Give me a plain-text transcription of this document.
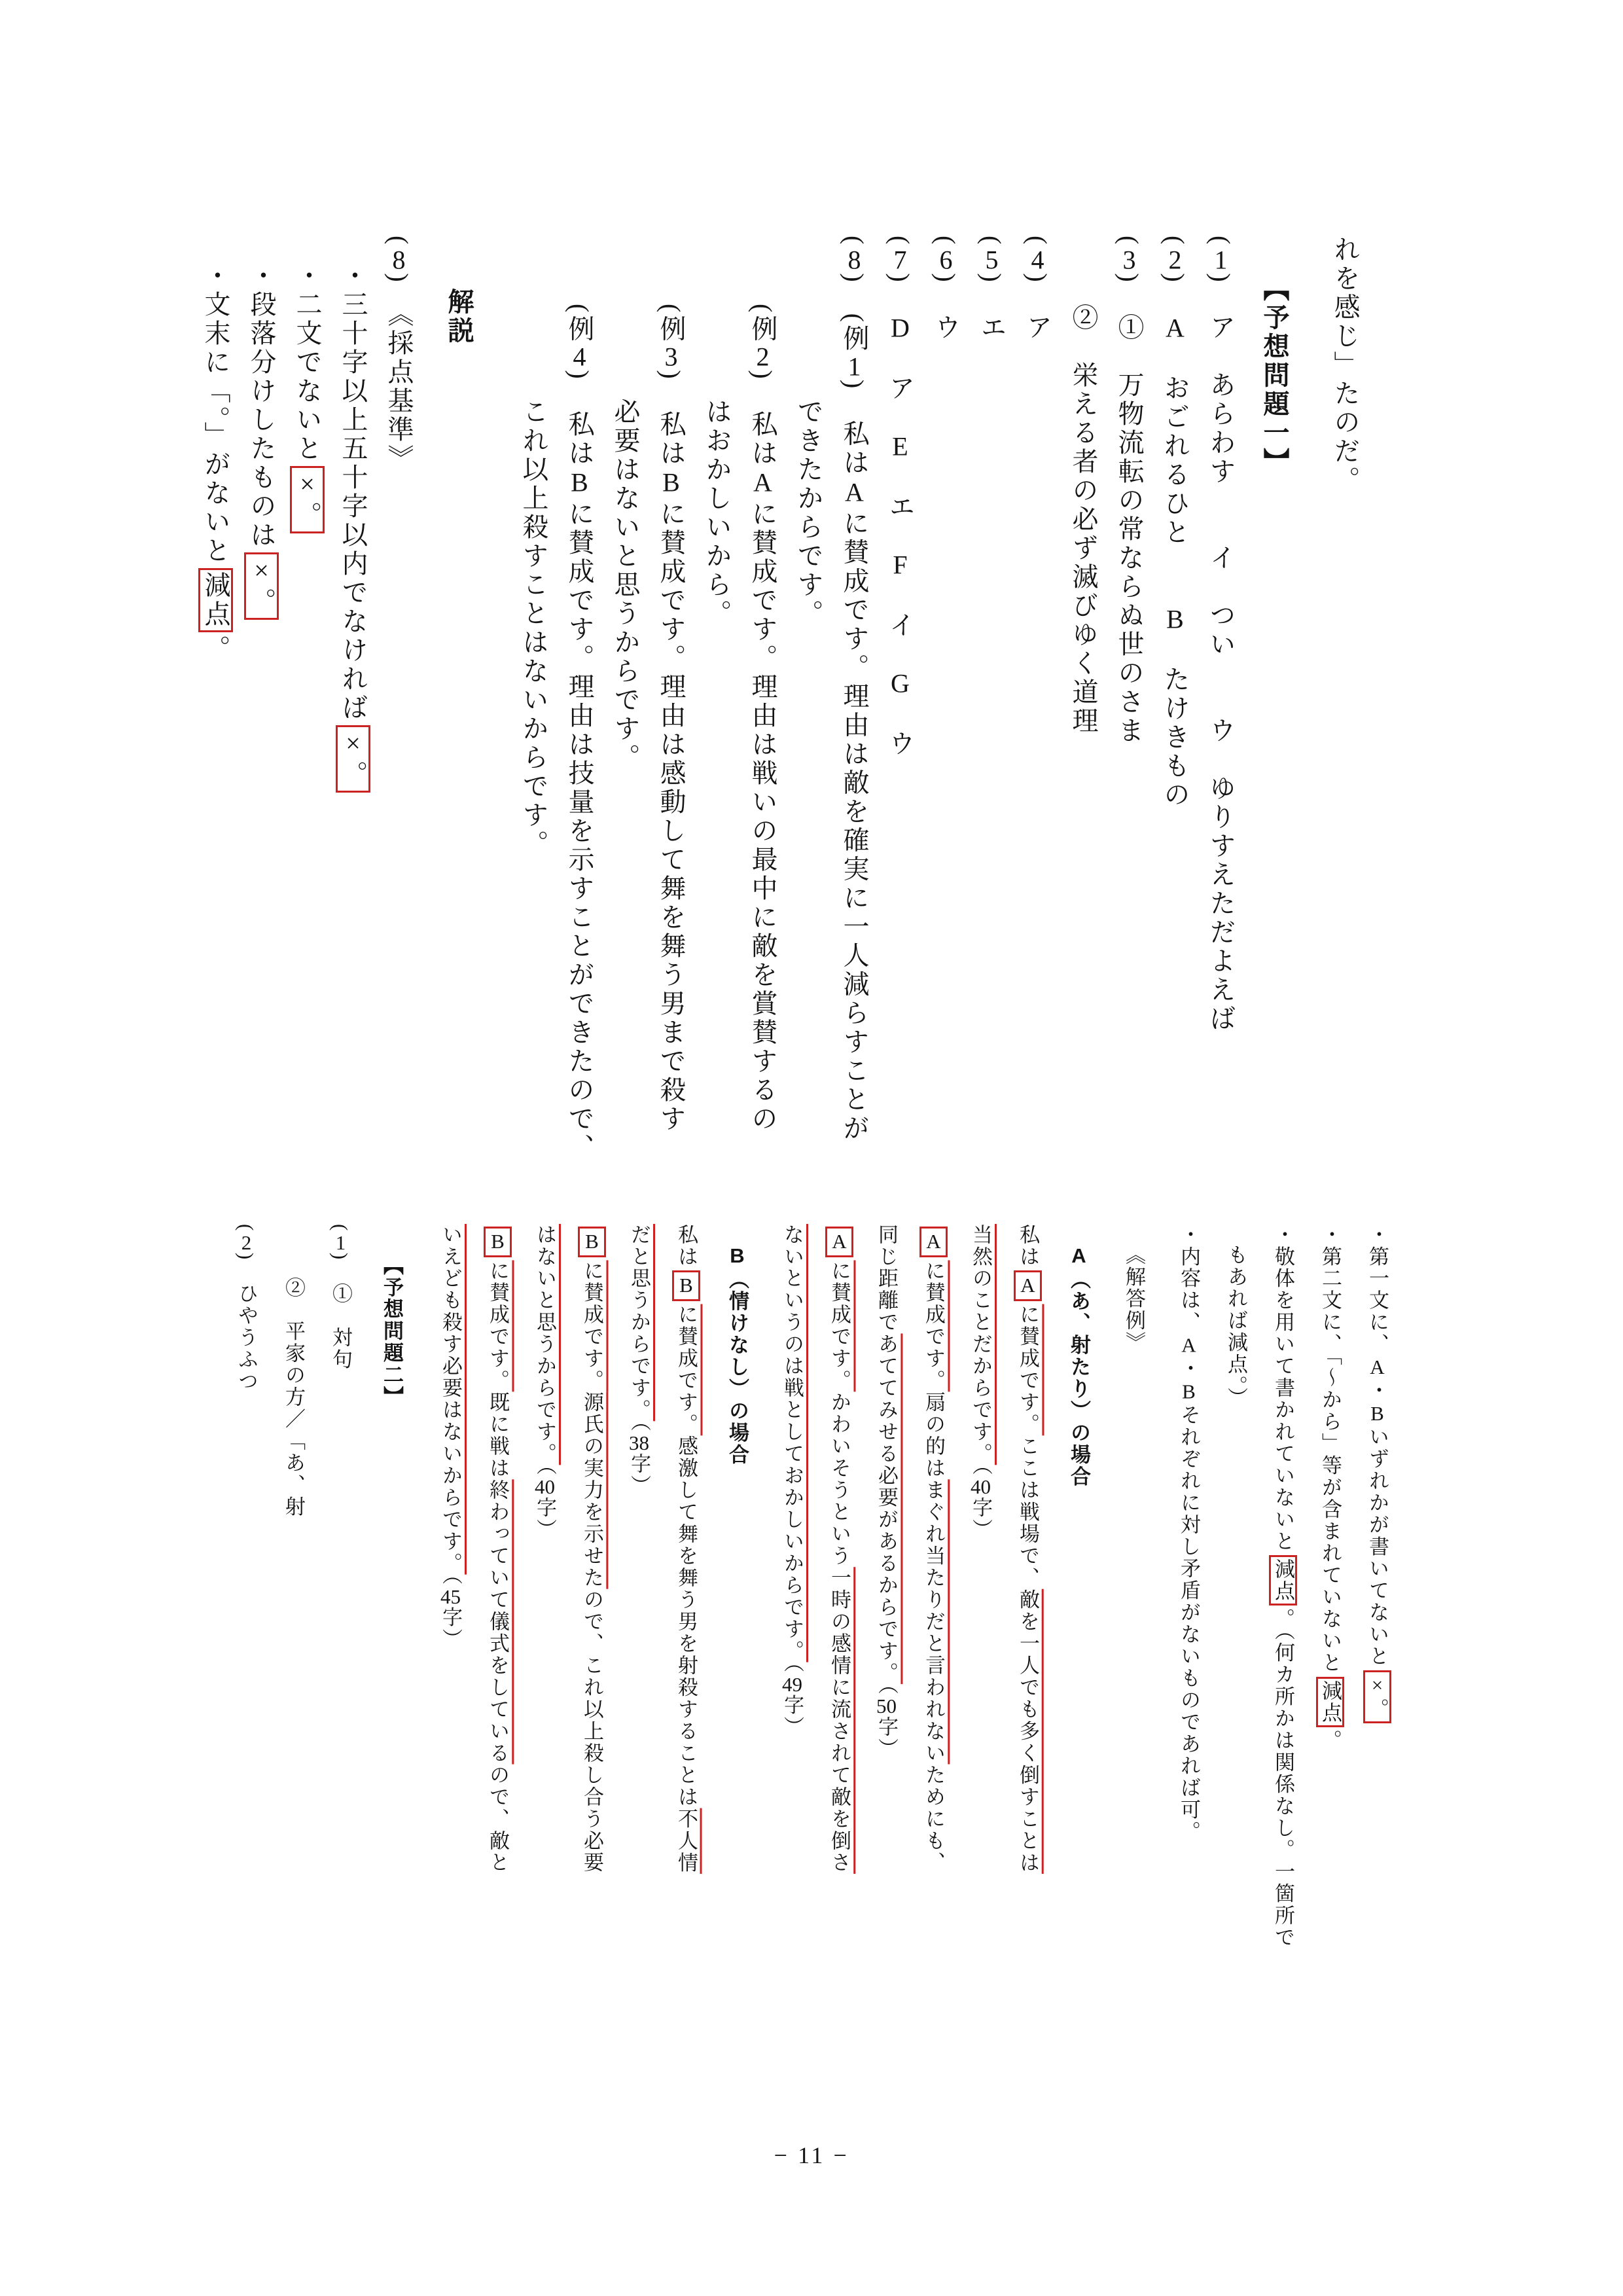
れを感じ」たのだ。
【予想問題一】
(1)　ア　あらわす　　イ　つい　　ウ　ゆりすえただよえば
(2)　A　おごれるひと　　B　たけきもの
(3)　①　万物流転の常ならぬ世のさま
②　栄える者の必ず滅びゆく道理
(4)　ア
(5)　エ
(6)　ウ
(7)　D　ア　E　エ　F　イ　G　ウ
(8)　(例1)　私はAに賛成です。理由は敵を確実に一人減らすことが
できたからです。
(例2)　私はAに賛成です。理由は戦いの最中に敵を賞賛するの
はおかしいから。
(例3)　私はBに賛成です。理由は感動して舞を舞う男まで殺す
必要はないと思うからです。
(例4)　私はBに賛成です。理由は技量を示すことができたので、
これ以上殺すことはないからです。
解説
(8)　《採点基準》
・三十字以上五十字以内でなければ×。
・二文でないと×。
・段落分けしたものは×。
・文末に「。」がないと減点。
・第一文に、A・Bいずれかが書いてないと×。
・第二文に、「〜から」等が含まれていないと減点。
・敬体を用いて書かれていないと減点。（何カ所かは関係なし。一箇所で
もあれば減点。）
・内容は、A・Bそれぞれに対し矛盾がないものであれば可。
《解答例》
A（あ、射たり）の場合
私はAに賛成です。ここは戦場で、敵を一人でも多く倒すことは
当然のことだからです。（40字）
Aに賛成です。扇の的はまぐれ当たりだと言われないためにも、
同じ距離であててみせる必要があるからです。（50字）
Aに賛成です。かわいそうという一時の感情に流されて敵を倒さ
ないというのは戦としておかしいからです。（49字）
B（情けなし）の場合
私はBに賛成です。感激して舞を舞う男を射殺することは不人情
だと思うからです。（38字）
Bに賛成です。源氏の実力を示せたので、これ以上殺し合う必要
はないと思うからです。（40字）
Bに賛成です。既に戦は終わっていて儀式をしているので、敵と
いえども殺す必要はないからです。（45字）
【予想問題二】
(1)　①　対句
②　平家の方／「あ、射
(2)　ひやうふつ
− 11 −
